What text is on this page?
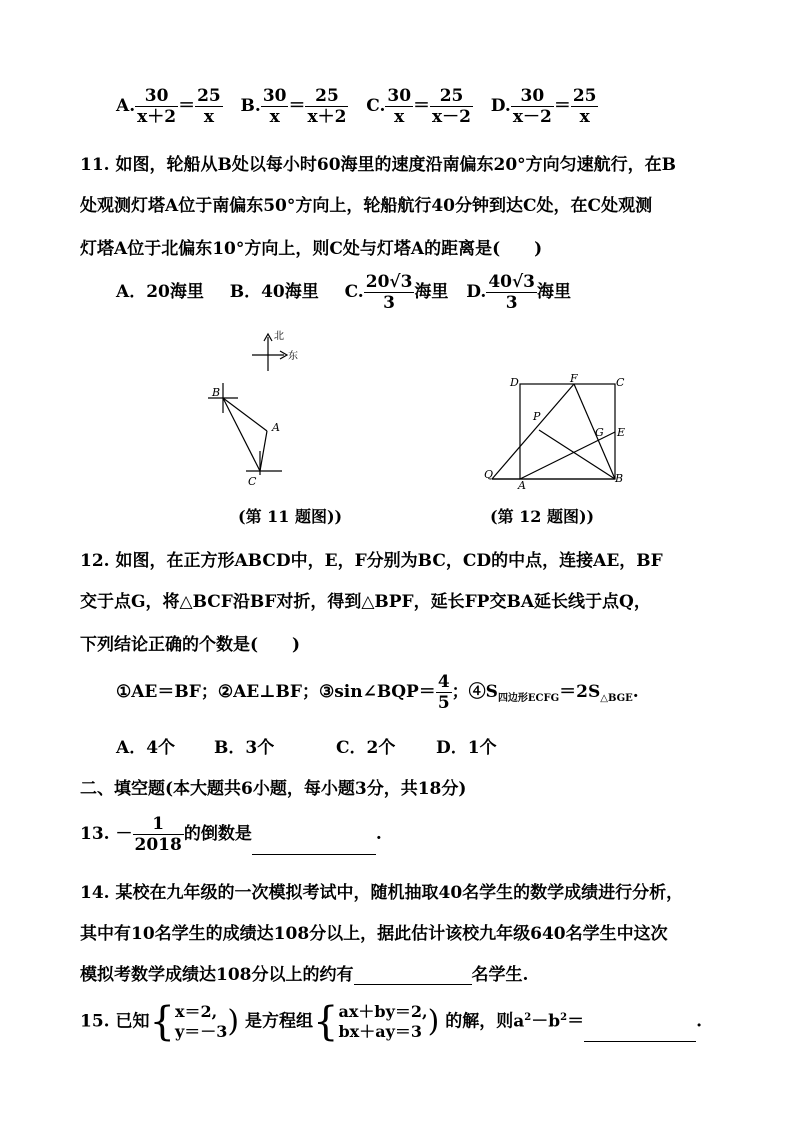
A. $\frac{30}{x+2} = \frac{25}{x} B$. $\frac{30}{x} = \frac{25}{x+2} C$. $\frac{30}{x} = \frac{25}{x-2} D$. $\frac{30}{x-2} = \frac{25}{x}$
11. 如图，轮船从B处以每小时60海里的速度沿南偏东20°方向匀速航行，在B
处观测灯塔A位于南偏东50°方向上，轮船航行40分钟到达C处，在C处观测
灯塔A位于北偏东10°方向上，则C处与灯塔A的距离是(　　)
A．20海里 B．40海里 C. $\frac{20√3}{3}$ 海里 D. $\frac{40√3}{3}$ 海里
北
东
B
A
C
(第 11 题图))
D	F	C
P
G E
Q
A
B
(第 12 题图))
12. 如图，在正方形ABCD中，E，F分别为BC，CD的中点，连接AE，BF
交于点G，将△BCF沿BF对折，得到△BPF，延长FP交BA延长线于点Q，
下列结论正确的个数是(　　)
①AE＝BF；②AE⊥BF；③sin∠BQP＝ $\frac{4}{5}$ ；$④S_{四边形ECFG}=2S_{\triangle BGE}$.
A．4个 B．3个	C．2个 D．1个
二、填空题(本大题共6小题，每小题3分，共18分)
13. － $\frac{1}{2018}$ 的倒数是	.
14. 某校在九年级的一次模拟考试中，随机抽取40名学生的数学成绩进行分析，
其中有10名学生的成绩达108分以上，据此估计该校九年级640名学生中这次
模拟考数学成绩达108分以上的约有	名学生.
15. 已知{ x＝2,
y＝－3 ) 是方程组{ ax＋by＝2,
bx＋ay＝3 ) 的解，则$a^2-b^2=$	.
